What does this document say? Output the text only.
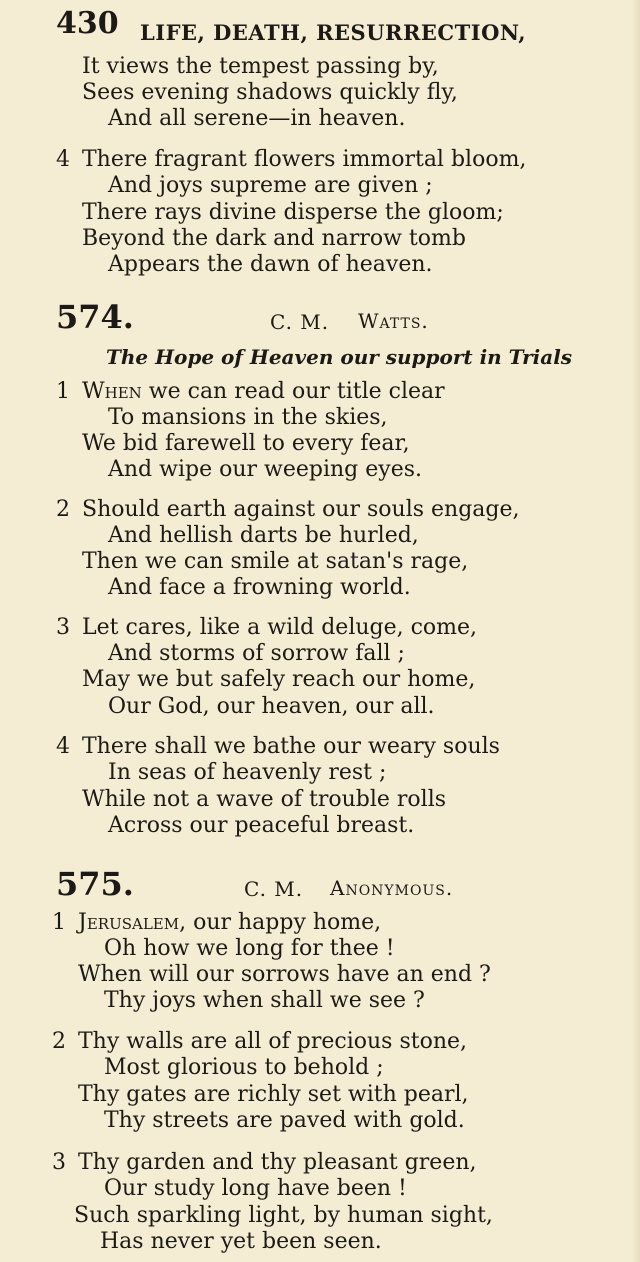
430 LIFE, DEATH, RESURRECTION,
It views the tempest passing by,
Sees evening shadows quickly fly,
And all serene—in heaven.
4 There fragrant flowers immortal bloom,
And joys supreme are given ;
There rays divine disperse the gloom;
Beyond the dark and narrow tomb
Appears the dawn of heaven.
574.	C. M. Watts.
The Hope of Heaven our support in Trials
1 When we can read our title clear
To mansions in the skies,
We bid farewell to every fear,
And wipe our weeping eyes.
2 Should earth against our souls engage,
And hellish darts be hurled,
Then we can smile at satan's rage,
And face a frowning world.
3 Let cares, like a wild deluge, come,
And storms of sorrow fall ;
May we but safely reach our home,
Our God, our heaven, our all.
4 There shall we bathe our weary souls
In seas of heavenly rest ;
While not a wave of trouble rolls
Across our peaceful breast.
575.	C. M. Anonymous.
1 Jerusalem, our happy home,
Oh how we long for thee !
When will our sorrows have an end ?
Thy joys when shall we see ?
2 Thy walls are all of precious stone,
Most glorious to behold ;
Thy gates are richly set with pearl,
Thy streets are paved with gold.
3 Thy garden and thy pleasant green,
Our study long have been !
Such sparkling light, by human sight,
Has never yet been seen.
